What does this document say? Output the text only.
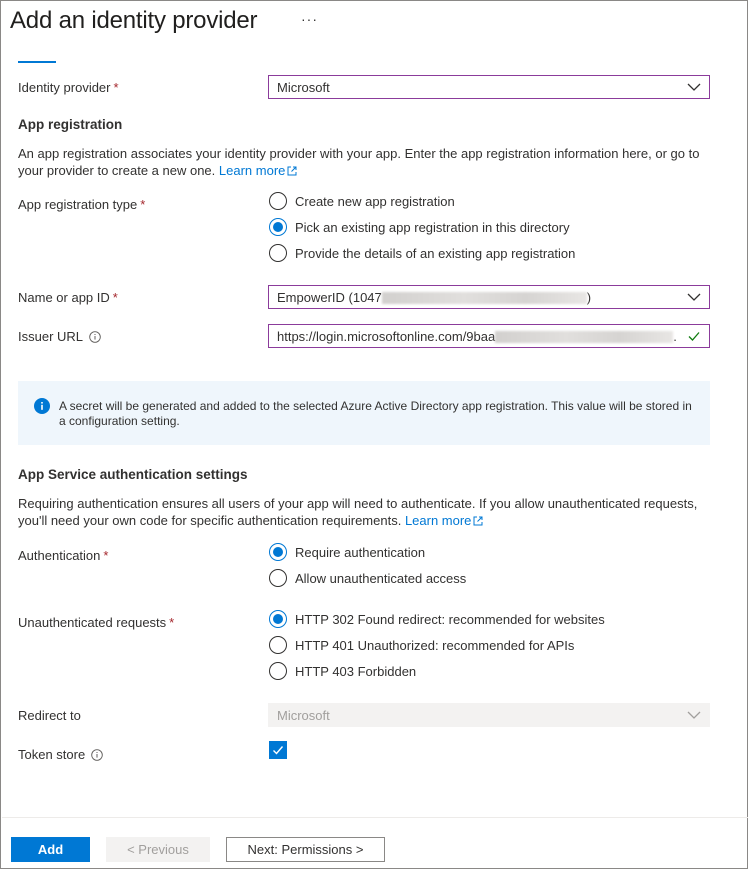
Add an identity provider	···
Identity provider *	Microsoft
App registration
An app registration associates your identity provider with your app. Enter the app registration information here, or go to your provider to create a new one. Learn more
App registration type *	Create new app registration
Pick an existing app registration in this directory
Provide the details of an existing app registration
Name or app ID *	EmpowerID (1047	)
Issuer URL	https://login.microsoftonline.com/9baa	.
A secret will be generated and added to the selected Azure Active Directory app registration. This value will be stored in a configuration setting.
App Service authentication settings
Requiring authentication ensures all users of your app will need to authenticate. If you allow unauthenticated requests, you'll need your own code for specific authentication requirements. Learn more
Authentication *	Require authentication
Allow unauthenticated access
Unauthenticated requests *	HTTP 302 Found redirect: recommended for websites
HTTP 401 Unauthorized: recommended for APIs
HTTP 403 Forbidden
Redirect to	Microsoft
Token store
Add	< Previous	Next: Permissions >
